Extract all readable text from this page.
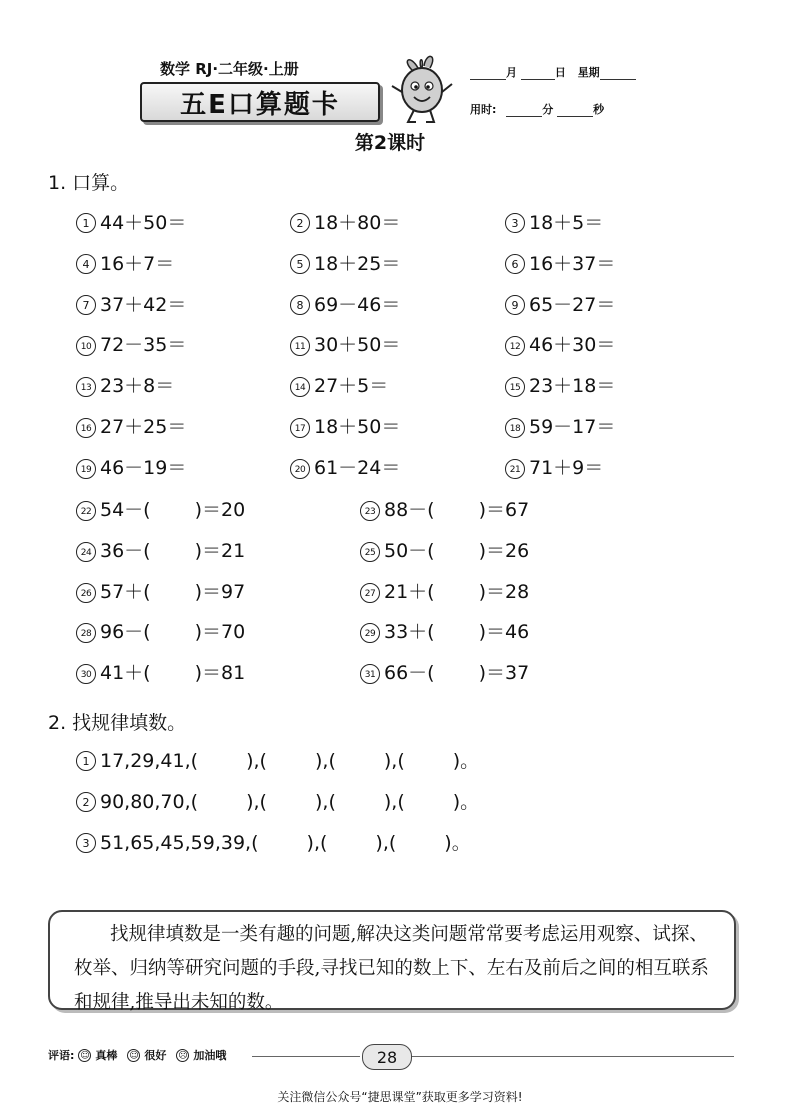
数学 RJ·二年级·上册
五E口算题卡
月	日 星期
用时:	分	秒
第2课时
1. 口算。
1 44＋50＝	2 18＋80＝	3 18＋5＝
4 16＋7＝	5 18＋25＝	6 16＋37＝
7 37＋42＝	8 69－46＝	9 65－27＝
10 72－35＝	11 30＋50＝	12 46＋30＝
13 23＋8＝	14 27＋5＝	15 23＋18＝
16 27＋25＝	17 18＋50＝	18 59－17＝
19 46－19＝	20 61－24＝	21 71＋9＝
22 54－( )＝20	23 88－( )＝67
24 36－( )＝21	25 50－( )＝26
26 57＋( )＝97	27 21＋( )＝28
28 96－( )＝70	29 33＋( )＝46
30 41＋( )＝81	31 66－( )＝37
2. 找规律填数。
1 17,29,41,(	),(	),(	),(	)。
2 90,80,70,(	),(	),(	),(	)。
3 51,65,45,59,39,(	),(	),(	)。
找规律填数是一类有趣的问题,解决这类问题常常要考虑运用观察、试探、枚举、归纳等研究问题的手段,寻找已知的数上下、左右及前后之间的相互联系和规律,推导出未知的数。
评语: ☺ 真棒 ☺ 很好 ☹ 加油哦	28
关注微信公众号“捷思课堂”获取更多学习资料!
